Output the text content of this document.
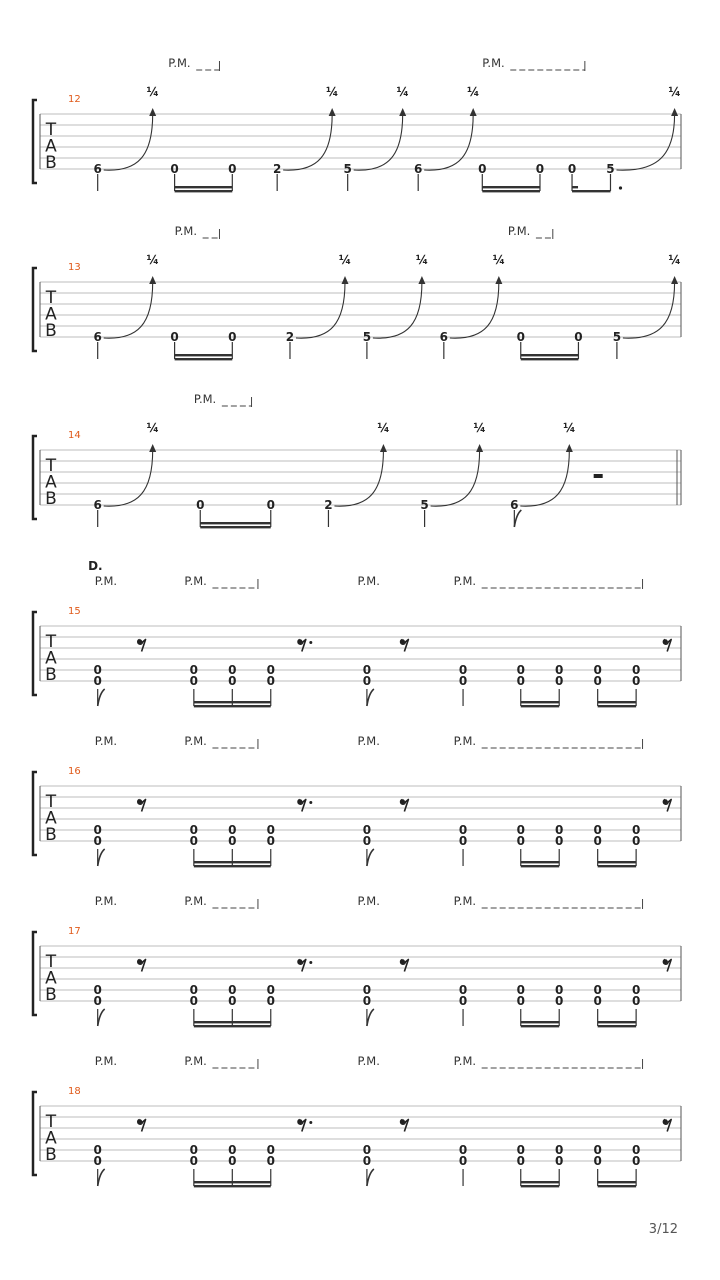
T
A
B
12
P.M.	P.M.
6
¼
0	0	2
¼
5
¼
6
¼
0	0 0	5
¼
T
A
B
13
P.M.	P.M.
6
¼
0	0	2
¼
5
¼
6
¼
0	0	5
¼
T
A
B
14
P.M.
6
¼
0	0	2
¼
5
¼
6
¼
T
A
B
15
D.
P.M.	P.M.	P.M.	P.M.
0
0
0
0
0
0
0
0
0
0
0
0
0
0
0
0
0
0
0
0
T
A
B
16
P.M.	P.M.	P.M.	P.M.
0
0
0
0
0
0
0
0
0
0
0
0
0
0
0
0
0
0
0
0
T
A
B
17
P.M.	P.M.	P.M.	P.M.
0
0
0
0
0
0
0
0
0
0
0
0
0
0
0
0
0
0
0
0
T
A
B
18
P.M.	P.M.	P.M.	P.M.
0
0
0
0
0
0
0
0
0
0
0
0
0
0
0
0
0
0
0
0
3/12
